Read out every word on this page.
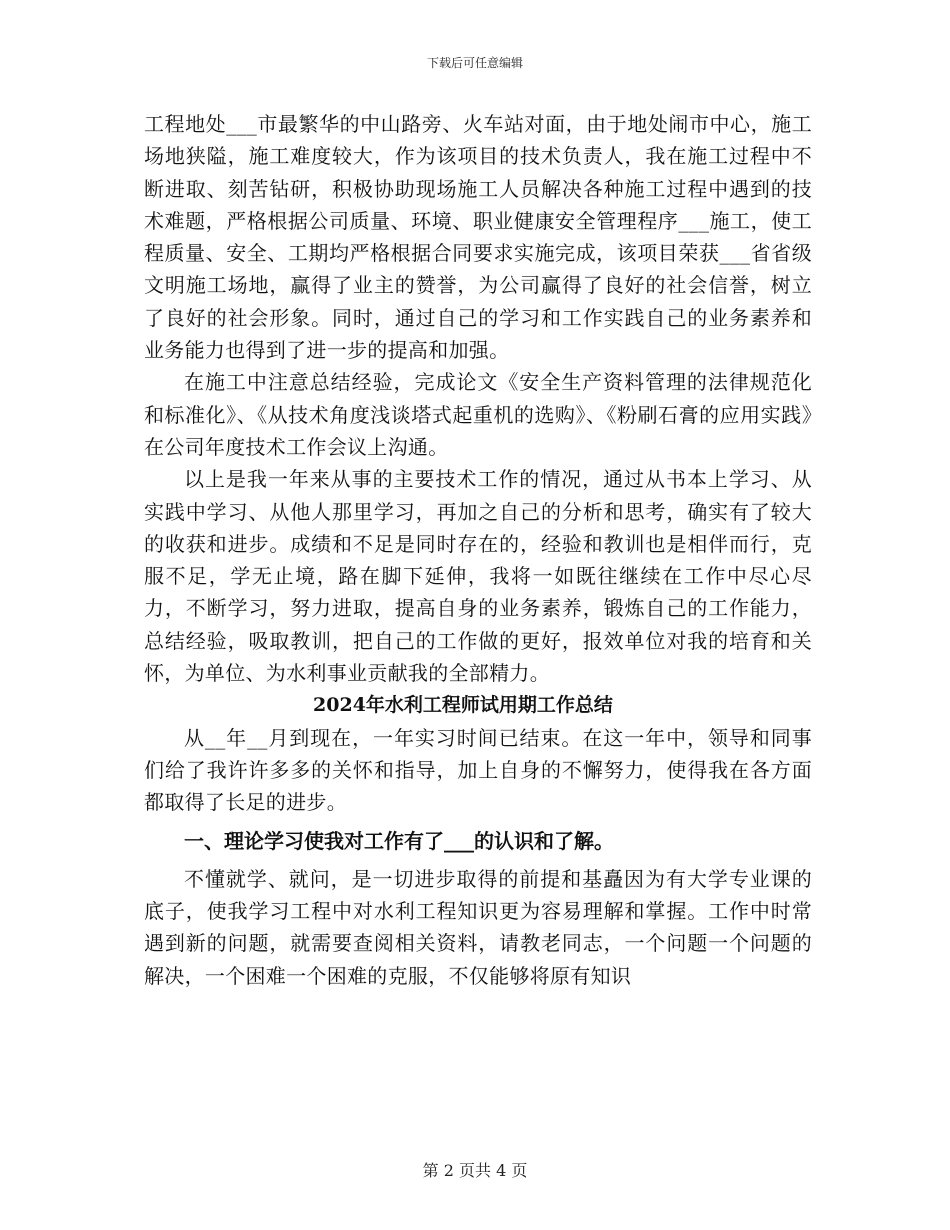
下载后可任意编辑

工程地处___市最繁华的中山路旁、火车站对面，由于地处闹市中心，施工场地狭隘，施工难度较大，作为该项目的技术负责人，我在施工过程中不断进取、刻苦钻研，积极协助现场施工人员解决各种施工过程中遇到的技术难题，严格根据公司质量、环境、职业健康安全管理程序___施工，使工程质量、安全、工期均严格根据合同要求实施完成，该项目荣获___省省级文明施工场地，赢得了业主的赞誉，为公司赢得了良好的社会信誉，树立了良好的社会形象。同时，通过自己的学习和工作实践自己的业务素养和业务能力也得到了进一步的提高和加强。

在施工中注意总结经验，完成论文《安全生产资料管理的法律规范化和标准化》、《从技术角度浅谈塔式起重机的选购》、《粉刷石膏的应用实践》在公司年度技术工作会议上沟通。

以上是我一年来从事的主要技术工作的情况，通过从书本上学习、从实践中学习、从他人那里学习，再加之自己的分析和思考，确实有了较大的收获和进步。成绩和不足是同时存在的，经验和教训也是相伴而行，克服不足，学无止境，路在脚下延伸，我将一如既往继续在工作中尽心尽力，不断学习，努力进取，提高自身的业务素养，锻炼自己的工作能力，总结经验，吸取教训，把自己的工作做的更好，报效单位对我的培育和关怀，为单位、为水利事业贡献我的全部精力。

2024年水利工程师试用期工作总结

从__年__月到现在，一年实习时间已结束。在这一年中，领导和同事们给了我许许多多的关怀和指导，加上自身的不懈努力，使得我在各方面都取得了长足的进步。

一、理论学习使我对工作有了___的认识和了解。

不懂就学、就问，是一切进步取得的前提和基矗因为有大学专业课的底子，使我学习工程中对水利工程知识更为容易理解和掌握。工作中时常遇到新的问题，就需要查阅相关资料，请教老同志，一个问题一个问题的解决，一个困难一个困难的克服，不仅能够将原有知识

第 2 页共 4 页
